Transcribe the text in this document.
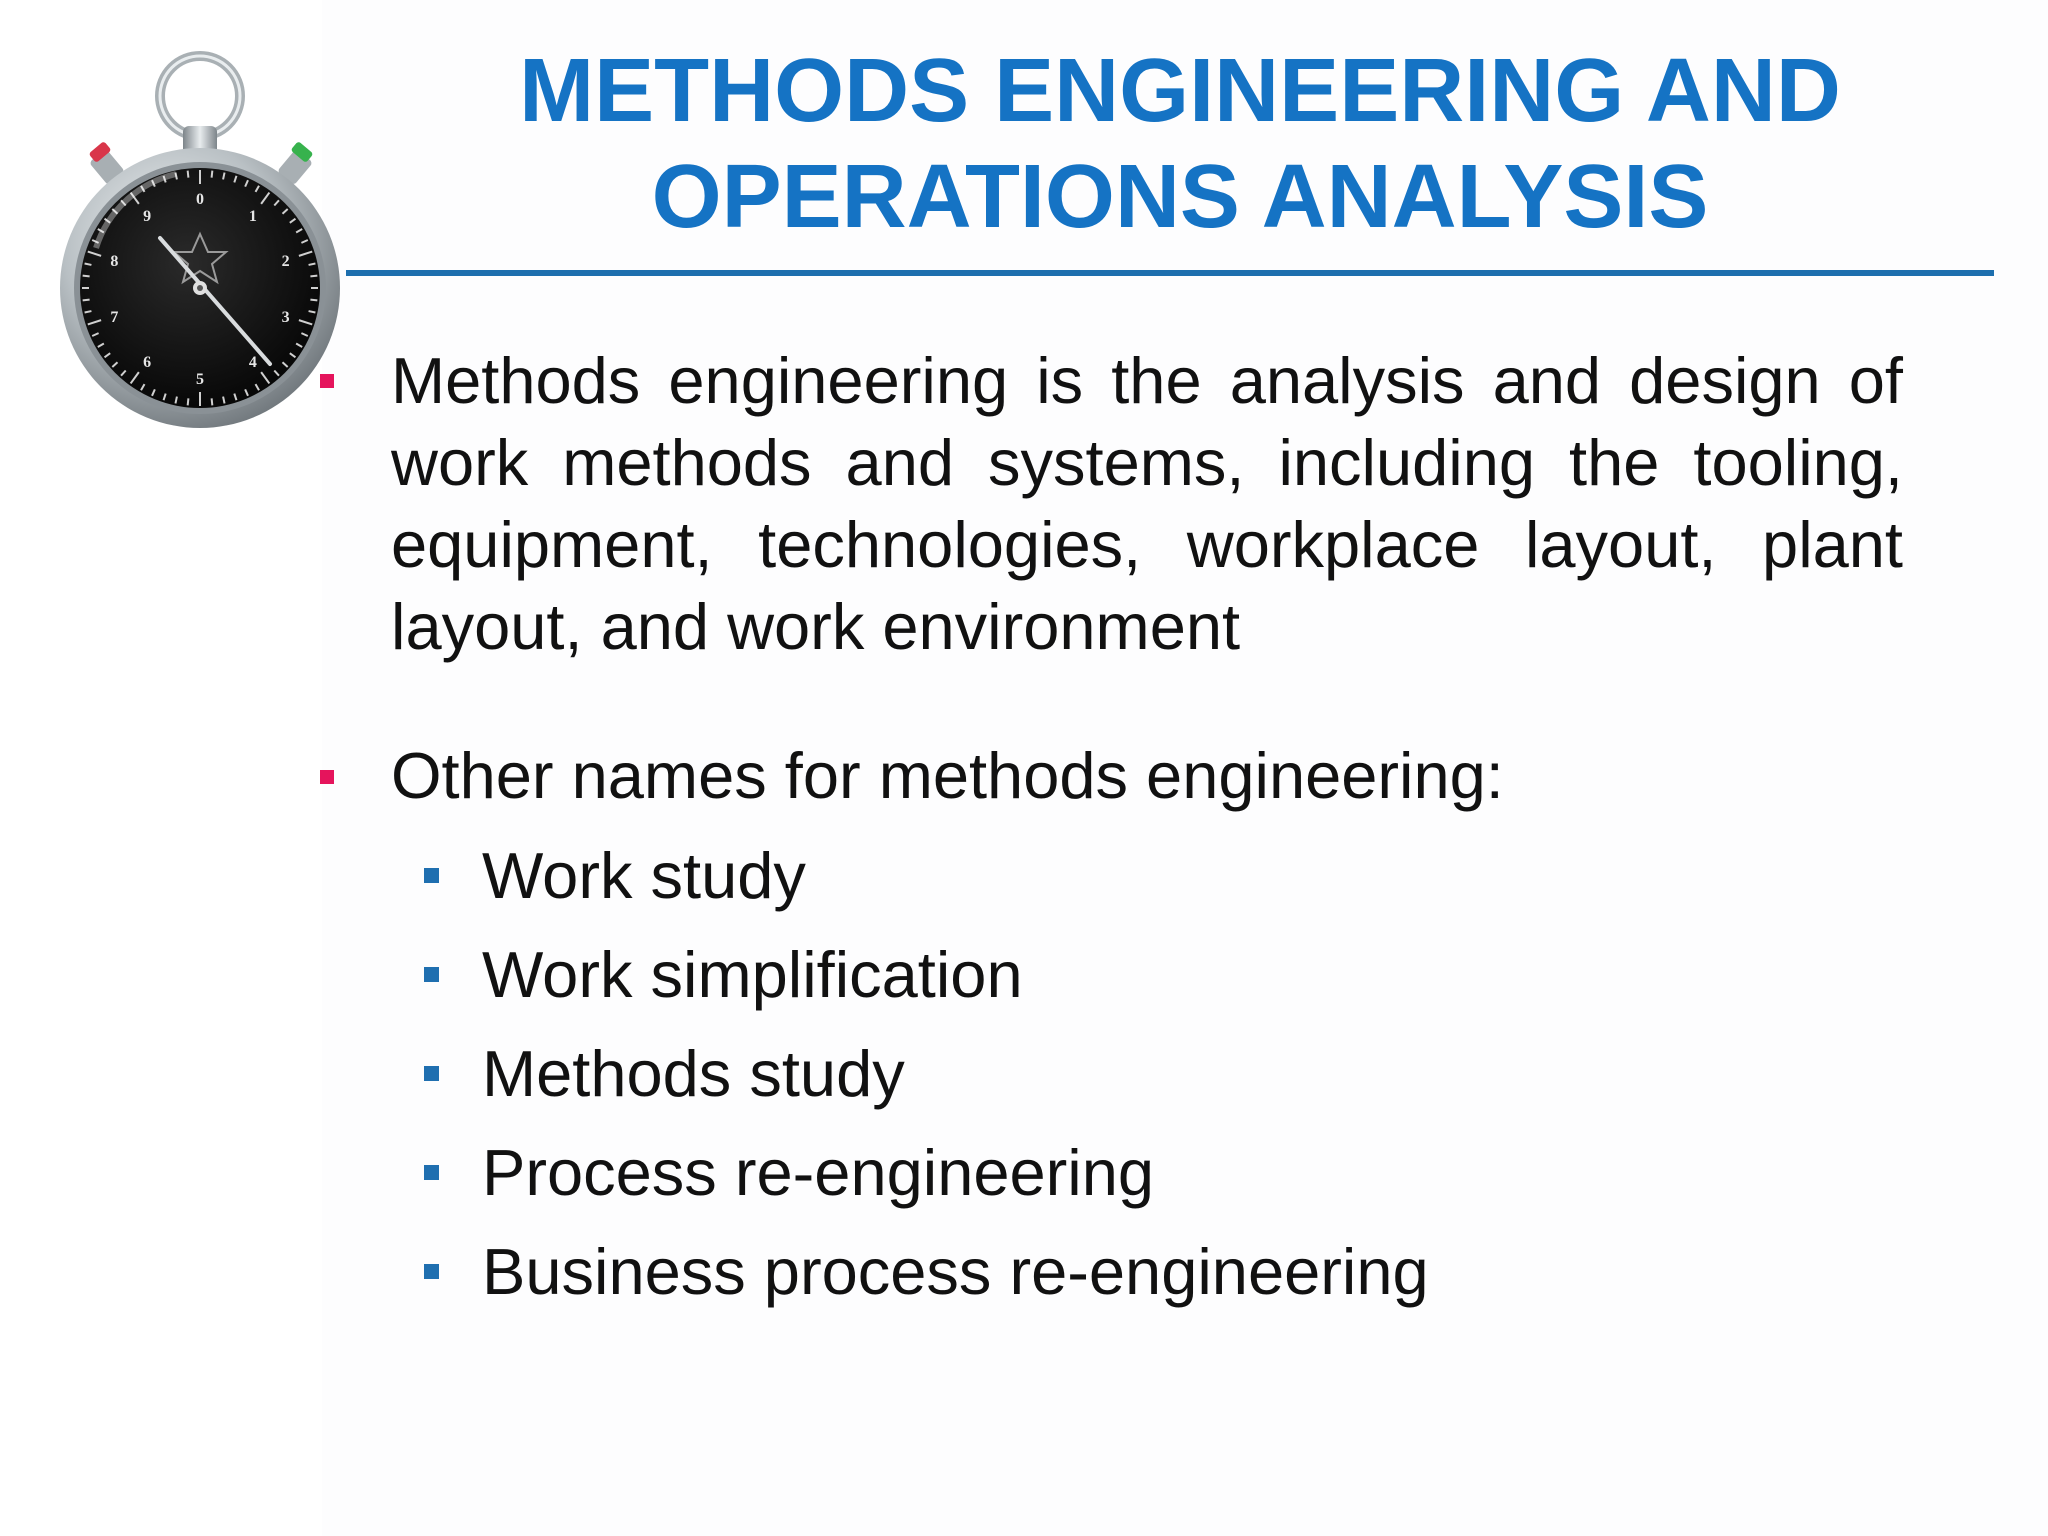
0
1
2
3
4
5
6
7
8
9
METHODS ENGINEERING AND
OPERATIONS ANALYSIS

Methods engineering is the analysis and design of work methods and systems, including the tooling, equipment, technologies, workplace layout, plant layout, and work environment

Other names for methods engineering:

Work study

Work simplification

Methods study

Process re-engineering

Business process re-engineering
